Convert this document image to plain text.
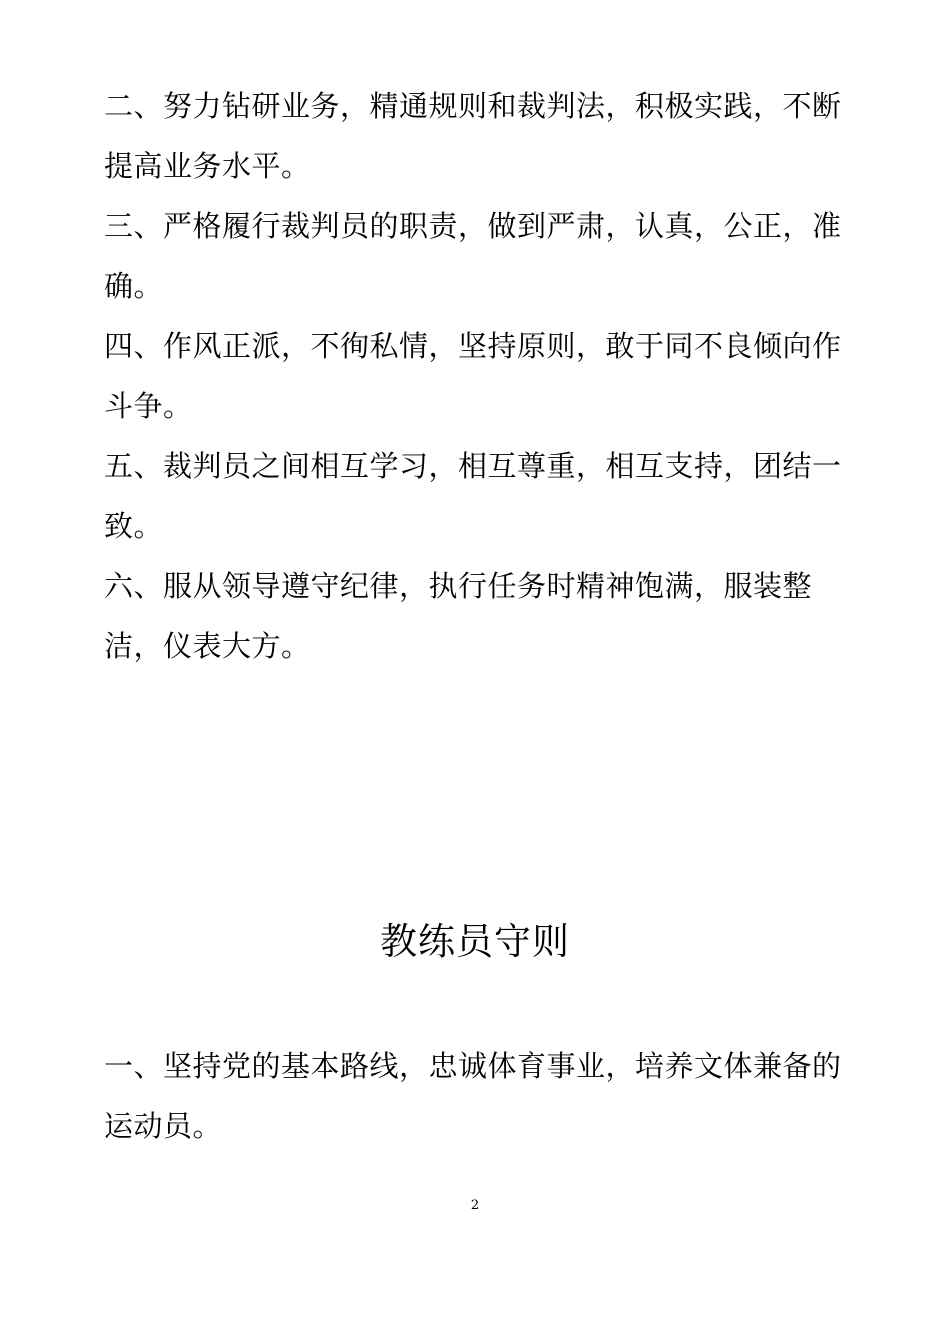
二、努力钻研业务，精通规则和裁判法，积极实践，不断提高业务水平。

三、严格履行裁判员的职责，做到严肃，认真，公正，准确。

四、作风正派，不徇私情，坚持原则，敢于同不良倾向作斗争。

五、裁判员之间相互学习，相互尊重，相互支持，团结一致。

六、服从领导遵守纪律，执行任务时精神饱满，服装整洁，仪表大方。

教练员守则

一、坚持党的基本路线，忠诚体育事业，培养文体兼备的运动员。

2
